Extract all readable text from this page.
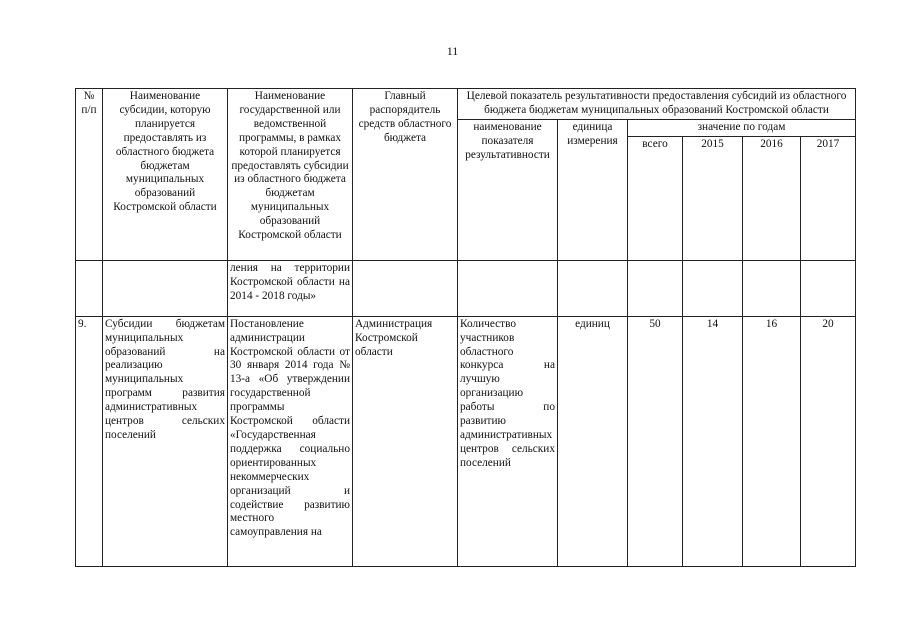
11
№ п/п	Наименование субсидии, которую планируется предоставлять из областного бюджета бюджетам муниципальных образований Костромской области	Наименование государственной или ведомственной программы, в рамках которой планируется предоставлять субсидии из областного бюджета бюджетам муниципальных образований Костромской области	Главный распорядитель средств областного бюджета	Целевой показатель результативности предоставления субсидий из областного бюджета бюджетам муниципальных образований Костромской области					
				наименование показателя результативности	единица измерения	значение по годам			
						всего	2015	2016	2017
		ления на территории Костромской области на 2014 - 2018 годы»							
9.	Субсидии бюджетам муниципальных образований на реализацию муниципальных программ развития административных центров сельских поселений	Постановление администрации Костромской области от 30 января 2014 года № 13-а «Об утверждении государственной программы Костромской области «Государственная поддержка социально ориентированных некоммерческих организаций и содействие развитию местного самоуправления на	Администрация Костромской области	Количество участников областного конкурса на лучшую организацию работы по развитию административных центров сельских поселений	единиц	50	14	16	20
